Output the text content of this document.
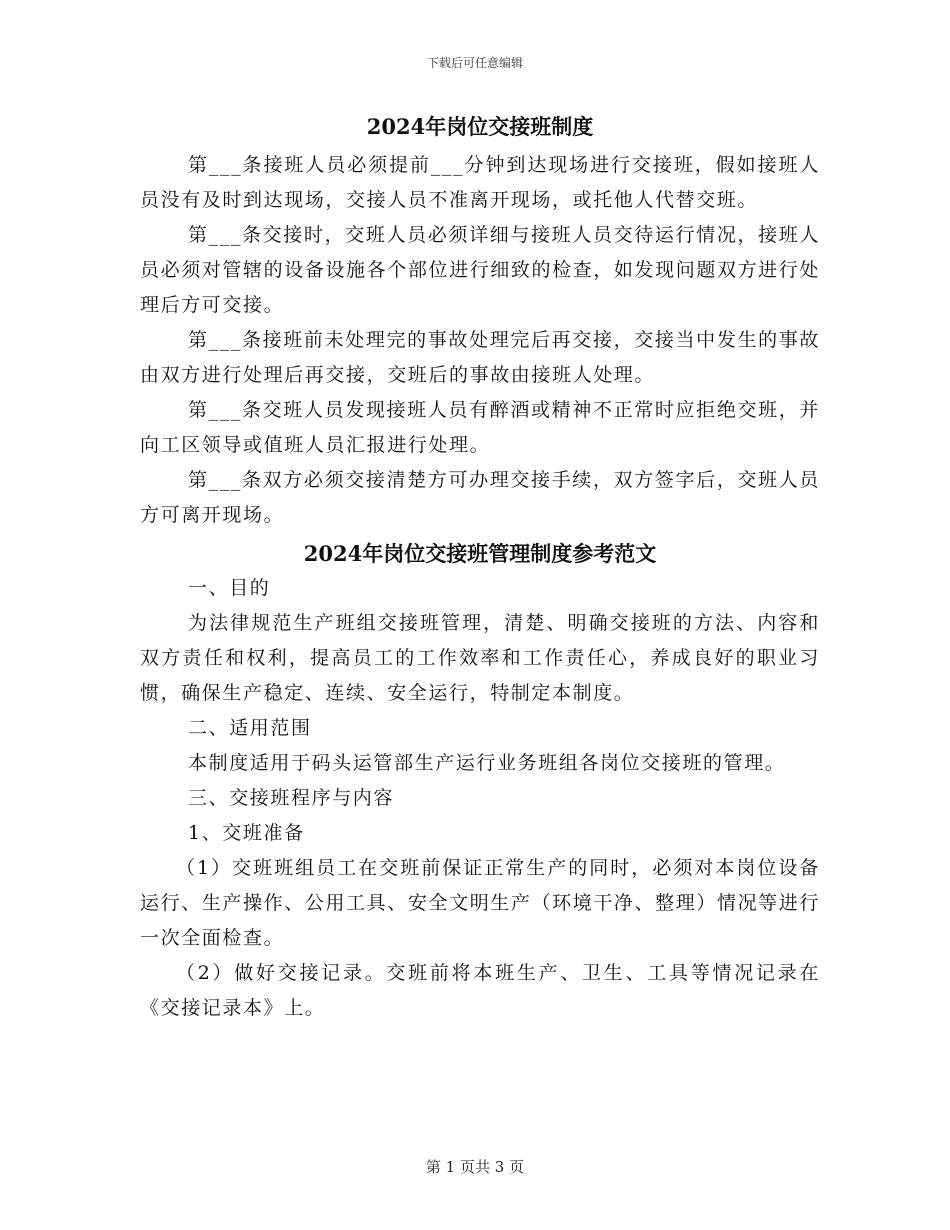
下载后可任意编辑
2024年岗位交接班制度

第___条接班人员必须提前___分钟到达现场进行交接班，假如接班人员没有及时到达现场，交接人员不准离开现场，或托他人代替交班。

第___条交接时，交班人员必须详细与接班人员交待运行情况，接班人员必须对管辖的设备设施各个部位进行细致的检查，如发现问题双方进行处理后方可交接。

第___条接班前未处理完的事故处理完后再交接，交接当中发生的事故由双方进行处理后再交接，交班后的事故由接班人处理。

第___条交班人员发现接班人员有醉酒或精神不正常时应拒绝交班，并向工区领导或值班人员汇报进行处理。

第___条双方必须交接清楚方可办理交接手续，双方签字后，交班人员方可离开现场。

2024年岗位交接班管理制度参考范文

一、目的

为法律规范生产班组交接班管理，清楚、明确交接班的方法、内容和双方责任和权利，提高员工的工作效率和工作责任心，养成良好的职业习惯，确保生产稳定、连续、安全运行，特制定本制度。

二、适用范围

本制度适用于码头运管部生产运行业务班组各岗位交接班的管理。

三、交接班程序与内容

1、交班准备

（1）交班班组员工在交班前保证正常生产的同时，必须对本岗位设备运行、生产操作、公用工具、安全文明生产（环境干净、整理）情况等进行一次全面检查。

（2）做好交接记录。交班前将本班生产、卫生、工具等情况记录在《交接记录本》上。

第 1 页共 3 页
